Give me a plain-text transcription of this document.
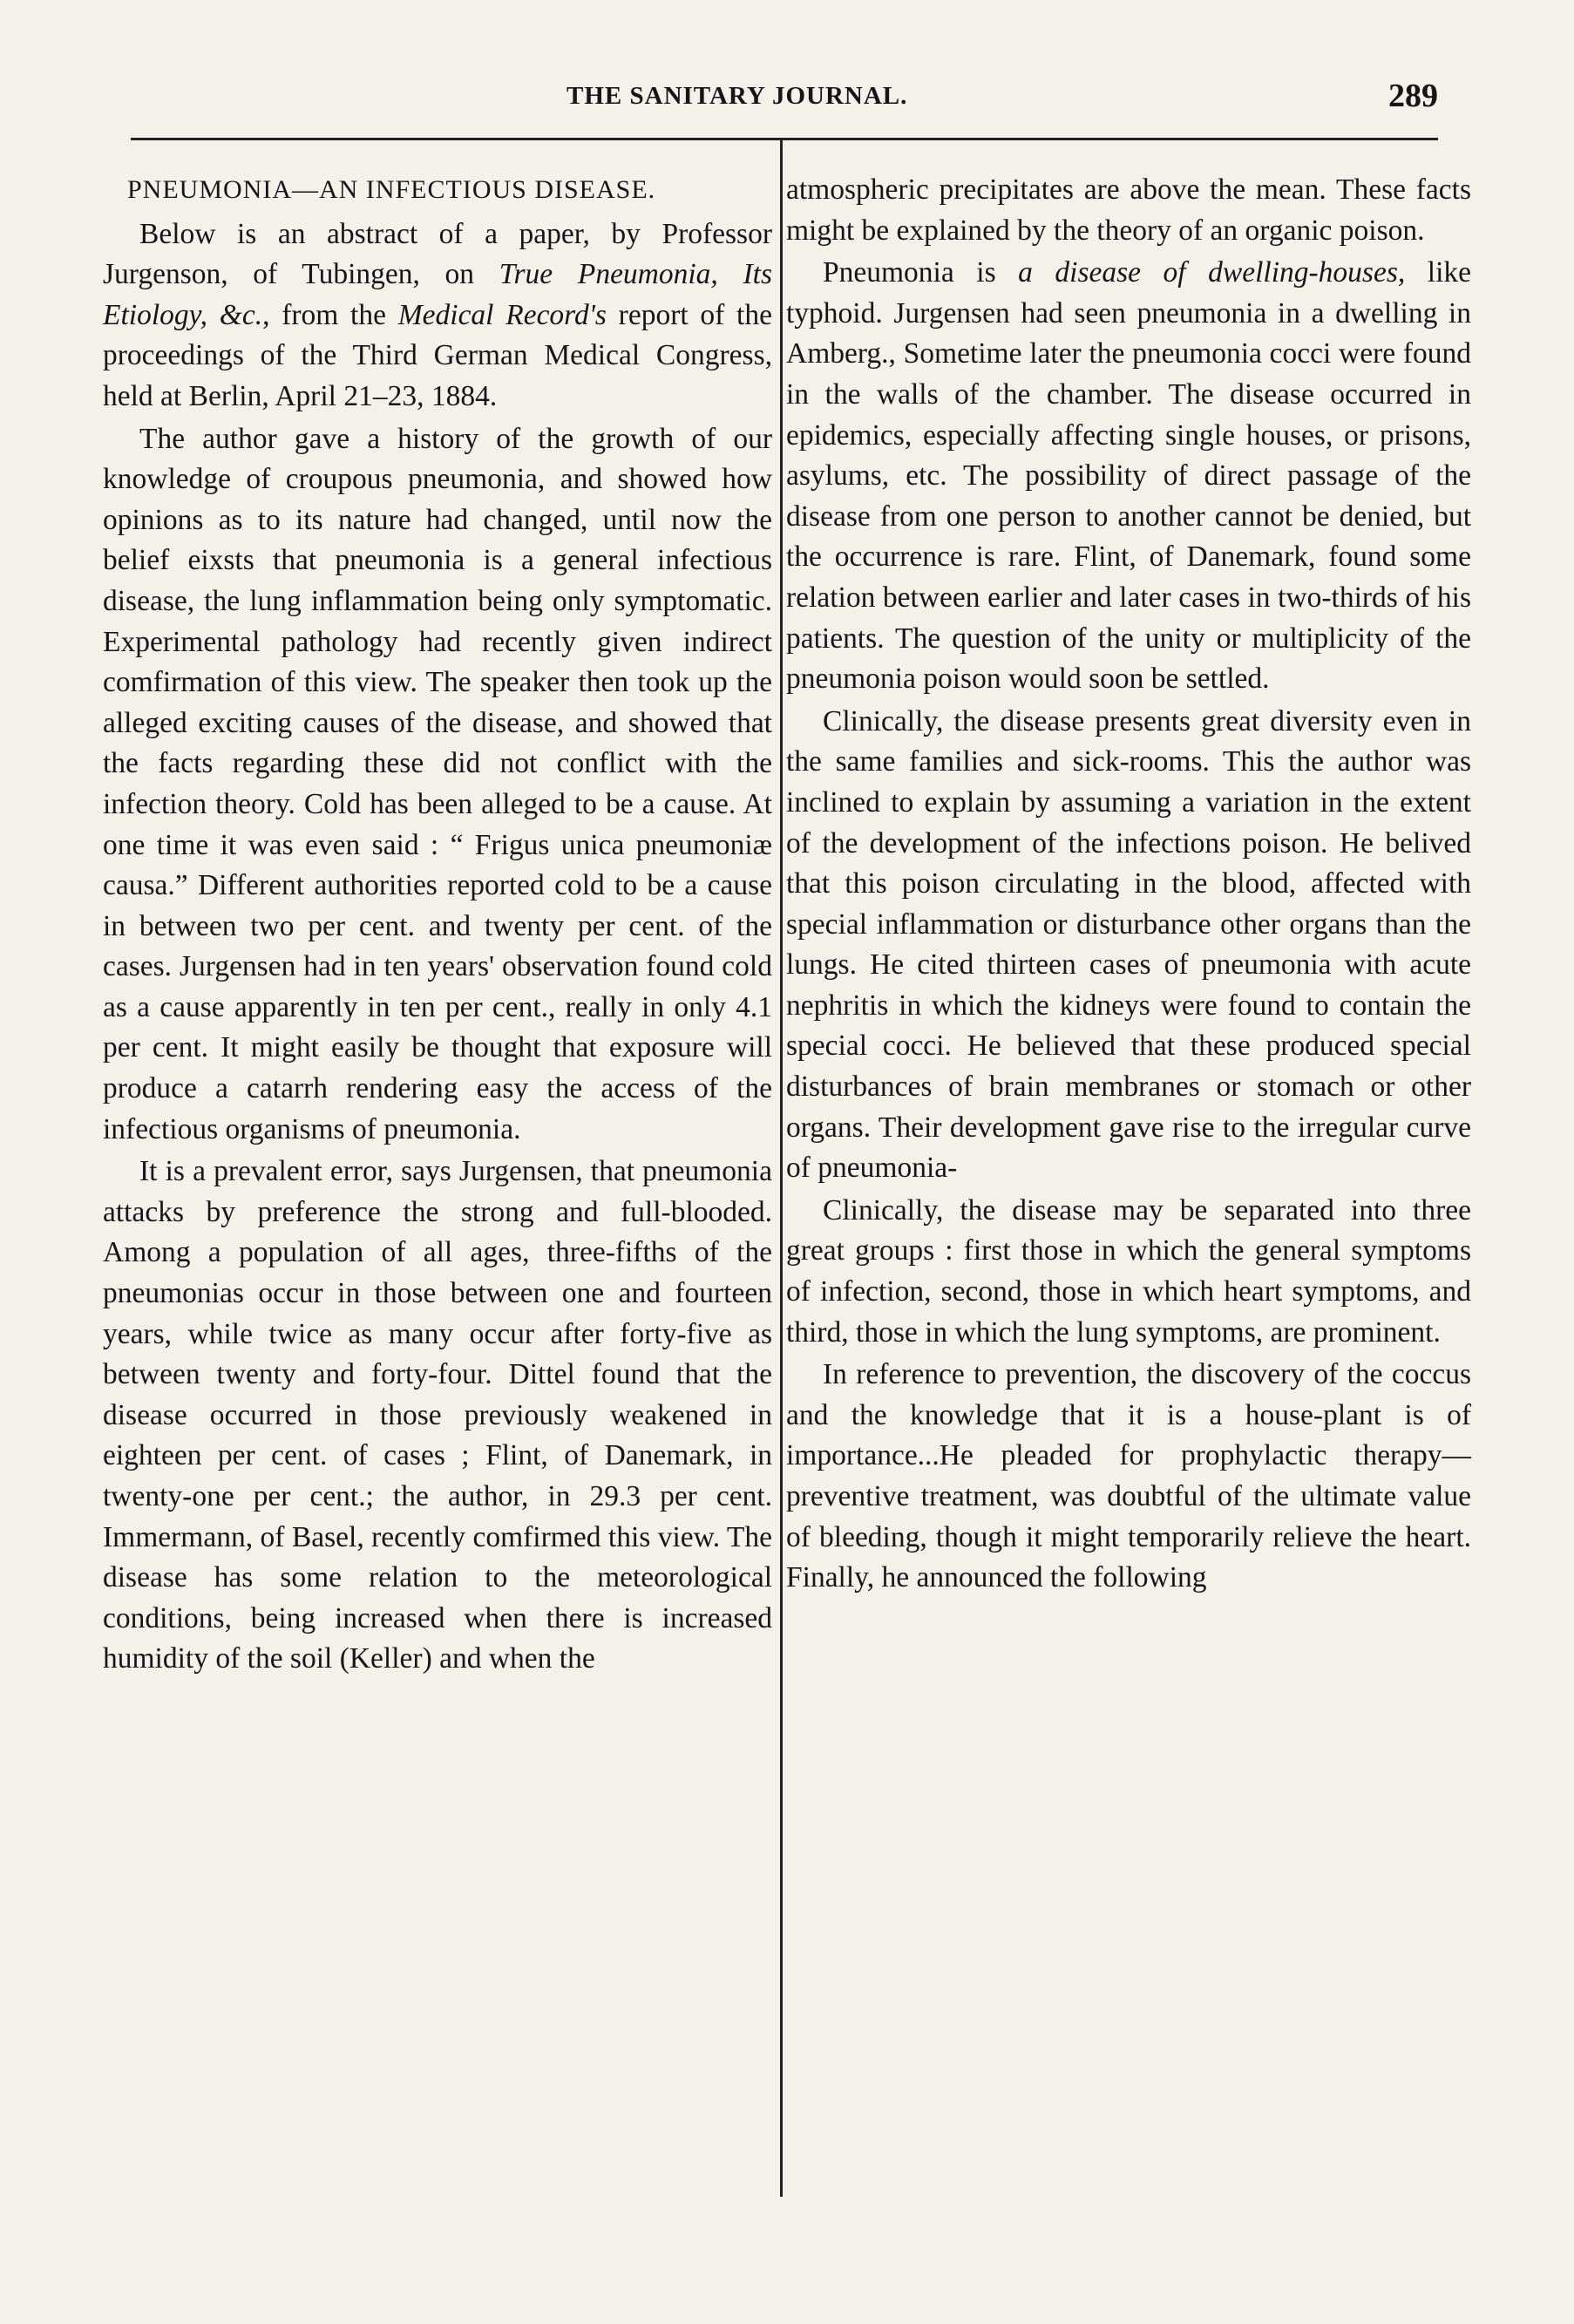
THE SANITARY JOURNAL.	289
PNEUMONIA—AN INFECTIOUS DISEASE.

Below is an abstract of a paper, by Professor Jurgenson, of Tubingen, on True Pneumonia, Its Etiology, &c., from the Medical Record's report of the proceedings of the Third German Medical Congress, held at Berlin, April 21–23, 1884.

The author gave a history of the growth of our knowledge of croupous pneumonia, and showed how opinions as to its nature had changed, until now the belief eixsts that pneumonia is a general infectious disease, the lung inflammation being only symptomatic. Experimental pathology had recently given indirect comfirmation of this view. The speaker then took up the alleged exciting causes of the disease, and showed that the facts regarding these did not conflict with the infection theory. Cold has been alleged to be a cause. At one time it was even said : “ Frigus unica pneumoniæ causa.” Different authorities reported cold to be a cause in between two per cent. and twenty per cent. of the cases. Jurgensen had in ten years' observation found cold as a cause apparently in ten per cent., really in only 4.1 per cent. It might easily be thought that exposure will produce a catarrh rendering easy the access of the infectious organisms of pneumonia.

It is a prevalent error, says Jurgensen, that pneumonia attacks by preference the strong and full-blooded. Among a population of all ages, three-fifths of the pneumonias occur in those between one and fourteen years, while twice as many occur after forty-five as between twenty and forty-four. Dittel found that the disease occurred in those previously weakened in eighteen per cent. of cases ; Flint, of Danemark, in twenty-one per cent.; the author, in 29.3 per cent. Immermann, of Basel, recently comfirmed this view. The disease has some relation to the meteorological conditions, being increased when there is increased humidity of the soil (Keller) and when the

atmospheric precipitates are above the mean. These facts might be explained by the theory of an organic poison.

Pneumonia is a disease of dwelling-houses, like typhoid. Jurgensen had seen pneumonia in a dwelling in Amberg., Sometime later the pneumonia cocci were found in the walls of the chamber. The disease occurred in epidemics, especially affecting single houses, or prisons, asylums, etc. The possibility of direct passage of the disease from one person to another cannot be denied, but the occurrence is rare. Flint, of Danemark, found some relation between earlier and later cases in two-thirds of his patients. The question of the unity or multiplicity of the pneumonia poison would soon be settled.

Clinically, the disease presents great diversity even in the same families and sick-rooms. This the author was inclined to explain by assuming a variation in the extent of the development of the infections poison. He belived that this poison circulating in the blood, affected with special inflammation or disturbance other organs than the lungs. He cited thirteen cases of pneumonia with acute nephritis in which the kidneys were found to contain the special cocci. He believed that these produced special disturbances of brain membranes or stomach or other organs. Their development gave rise to the irregular curve of pneumonia-

Clinically, the disease may be separated into three great groups : first those in which the general symptoms of infection, second, those in which heart symptoms, and third, those in which the lung symptoms, are prominent.

In reference to prevention, the discovery of the coccus and the knowledge that it is a house-plant is of importance...He pleaded for prophylactic therapy—preventive treatment, was doubtful of the ultimate value of bleeding, though it might temporarily relieve the heart. Finally, he announced the following
